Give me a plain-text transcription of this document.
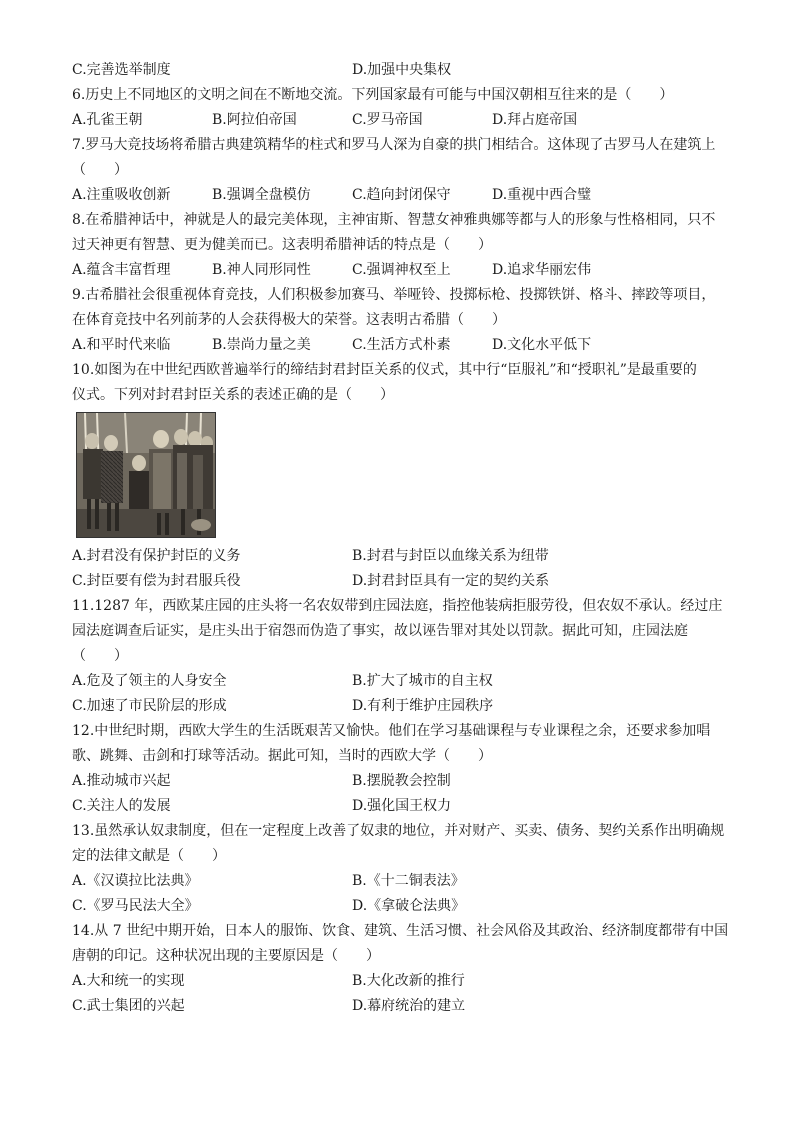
C.完善选举制度	D.加强中央集权
6.历史上不同地区的文明之间在不断地交流。下列国家最有可能与中国汉朝相互往来的是（　　）
A.孔雀王朝	B.阿拉伯帝国	C.罗马帝国	D.拜占庭帝国
7.罗马大竞技场将希腊古典建筑精华的柱式和罗马人深为自豪的拱门相结合。这体现了古罗马人在建筑上
（　　）
A.注重吸收创新	B.强调全盘模仿	C.趋向封闭保守	D.重视中西合璧
8.在希腊神话中，神就是人的最完美体现，主神宙斯、智慧女神雅典娜等都与人的形象与性格相同，只不
过天神更有智慧、更为健美而已。这表明希腊神话的特点是（　　）
A.蕴含丰富哲理	B.神人同形同性	C.强调神权至上	D.追求华丽宏伟
9.古希腊社会很重视体育竞技，人们积极参加赛马、举哑铃、投掷标枪、投掷铁饼、格斗、摔跤等项目，
在体育竞技中名列前茅的人会获得极大的荣誉。这表明古希腊（　　）
A.和平时代来临	B.崇尚力量之美	C.生活方式朴素	D.文化水平低下
10.如图为在中世纪西欧普遍举行的缔结封君封臣关系的仪式，其中行“臣服礼”和“授职礼”是最重要的
仪式。下列对封君封臣关系的表述正确的是（　　）
A.封君没有保护封臣的义务	B.封君与封臣以血缘关系为纽带
C.封臣要有偿为封君服兵役	D.封君封臣具有一定的契约关系
11.1287 年，西欧某庄园的庄头将一名农奴带到庄园法庭，指控他装病拒服劳役，但农奴不承认。经过庄
园法庭调查后证实，是庄头出于宿怨而伪造了事实，故以诬告罪对其处以罚款。据此可知，庄园法庭
（　　）
A.危及了领主的人身安全	B.扩大了城市的自主权
C.加速了市民阶层的形成	D.有利于维护庄园秩序
12.中世纪时期，西欧大学生的生活既艰苦又愉快。他们在学习基础课程与专业课程之余，还要求参加唱
歌、跳舞、击剑和打球等活动。据此可知，当时的西欧大学（　　）
A.推动城市兴起	B.摆脱教会控制
C.关注人的发展	D.强化国王权力
13.虽然承认奴隶制度，但在一定程度上改善了奴隶的地位，并对财产、买卖、债务、契约关系作出明确规
定的法律文献是（　　）
A.《汉谟拉比法典》	B.《十二铜表法》
C.《罗马民法大全》	D.《拿破仑法典》
14.从 7 世纪中期开始，日本人的服饰、饮食、建筑、生活习惯、社会风俗及其政治、经济制度都带有中国
唐朝的印记。这种状况出现的主要原因是（　　）
A.大和统一的实现	B.大化改新的推行
C.武士集团的兴起	D.幕府统治的建立
